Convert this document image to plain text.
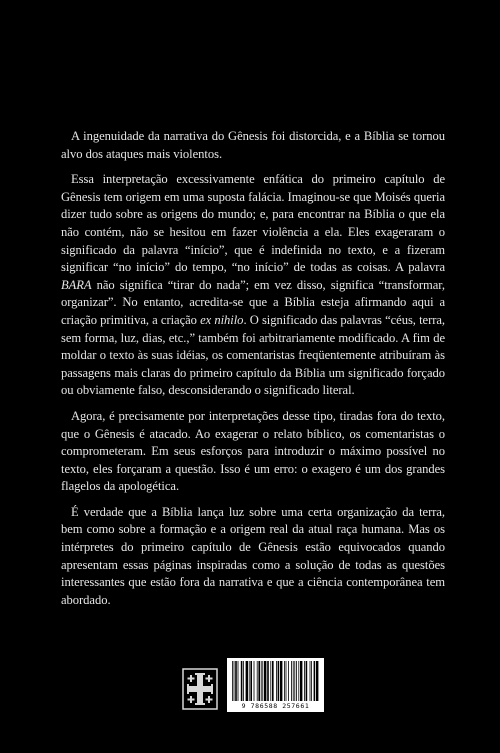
A ingenuidade da narrativa do Gênesis foi distorcida, e a Bíblia se tornou alvo dos ataques mais violentos.

Essa interpretação excessivamente enfática do primeiro capítulo de Gênesis tem origem em uma suposta falácia. Imaginou-se que Moisés queria dizer tudo sobre as origens do mundo; e, para encontrar na Bíblia o que ela não contém, não se hesitou em fazer violência a ela. Eles exageraram o significado da palavra “início”, que é indefinida no texto, e a fizeram significar “no início” do tempo, “no início” de todas as coisas. A palavra BARA não significa “tirar do nada”; em vez disso, significa “transformar, organizar”. No entanto, acredita-se que a Bíblia esteja afirmando aqui a criação primitiva, a criação ex nihilo. O significado das palavras “céus, terra, sem forma, luz, dias, etc.,” também foi arbitrariamente modificado. A fim de moldar o texto às suas idéias, os comentaristas freqüentemente atribuíram às passagens mais claras do primeiro capítulo da Bíblia um significado forçado ou obviamente falso, desconsiderando o significado literal.

Agora, é precisamente por interpretações desse tipo, tiradas fora do texto, que o Gênesis é atacado. Ao exagerar o relato bíblico, os comentaristas o comprometeram. Em seus esforços para introduzir o máximo possível no texto, eles forçaram a questão. Isso é um erro: o exagero é um dos grandes flagelos da apologética.

É verdade que a Bíblia lança luz sobre uma certa organização da terra, bem como sobre a formação e a origem real da atual raça humana. Mas os intérpretes do primeiro capítulo de Gênesis estão equivocados quando apresentam essas páginas inspiradas como a solução de todas as questões interessantes que estão fora da narrativa e que a ciência contemporânea tem abordado.

9 786588 257661
